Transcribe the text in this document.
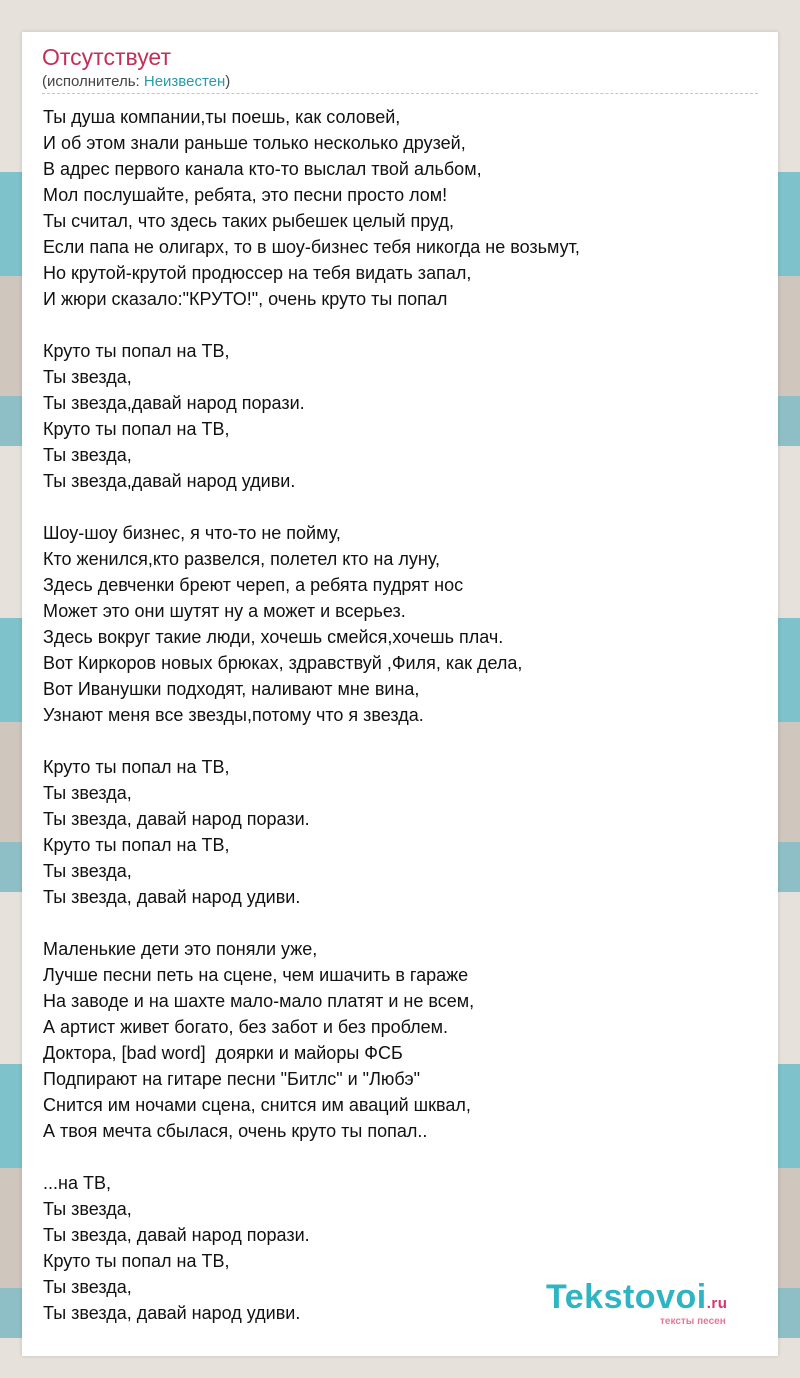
Отсутствует
(исполнитель: Неизвестен)
Ты душа компании,ты поешь, как соловей,
И об этом знали раньше только несколько друзей,
В адрес первого канала кто-то выслал твой альбом,
Мол послушайте, ребята, это песни просто лом!
Ты считал, что здесь таких рыбешек целый пруд,
Если папа не олигарх, то в шоу-бизнес тебя никогда не возьмут,
Но крутой-крутой продюссер на тебя видать запал,
И жюри сказало:"КРУТО!", очень круто ты попал
Круто ты попал на ТВ,
Ты звезда,
Ты звезда,давай народ порази.
Круто ты попал на ТВ,
Ты звезда,
Ты звезда,давай народ удиви.
Шоу-шоу бизнес, я что-то не пойму,
Кто женился,кто развелся, полетел кто на луну,
Здесь девченки бреют череп, а ребята пудрят нос
Может это они шутят ну а может и всерьез.
Здесь вокруг такие люди, хочешь смейся,хочешь плач.
Вот Киркоров новых брюках, здравствуй ,Филя, как дела,
Вот Иванушки подходят, наливают мне вина,
Узнают меня все звезды,потому что я звезда.
Круто ты попал на ТВ,
Ты звезда,
Ты звезда, давай народ порази.
Круто ты попал на ТВ,
Ты звезда,
Ты звезда, давай народ удиви.
Маленькие дети это поняли уже,
Лучше песни петь на сцене, чем ишачить в гараже
На заводе и на шахте мало-мало платят и не всем,
А артист живет богато, без забот и без проблем.
Доктора, [bad word]  доярки и майоры ФСБ
Подпирают на гитаре песни "Битлс" и "Любэ"
Снится им ночами сцена, снится им аваций шквал,
А твоя мечта сбылася, очень круто ты попал..
...на ТВ,
Ты звезда,
Ты звезда, давай народ порази.
Круто ты попал на ТВ,
Ты звезда,
Ты звезда, давай народ удиви.	Tekstovoi.ru
тексты песен
